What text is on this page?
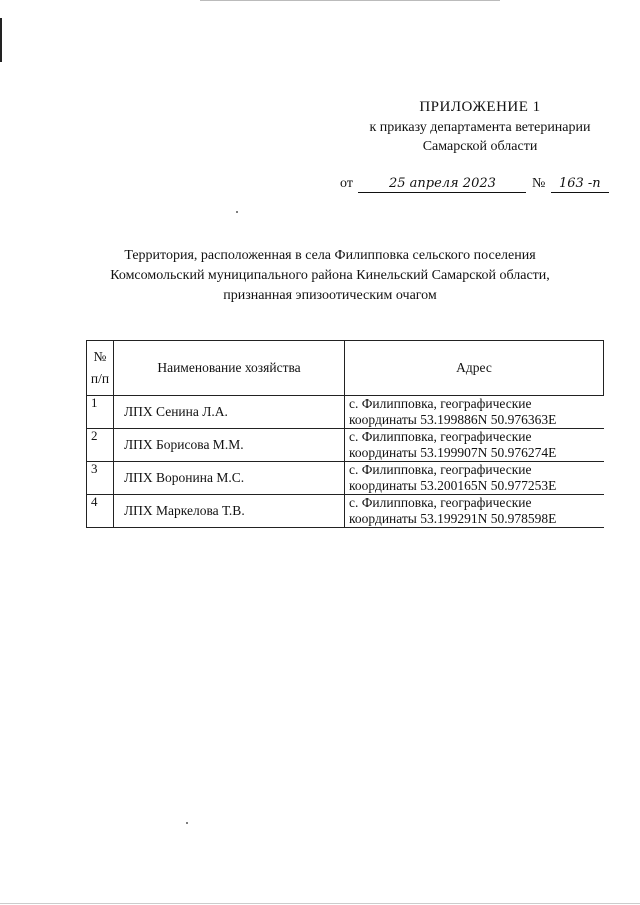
ПРИЛОЖЕНИЕ 1
к приказу департамента ветеринарии
Самарской области
от	25 апреля 2023	№ 163 -п
Территория, расположенная в села Филипповка сельского поселения
Комсомольский муниципального района Кинельский Самарской области,
признанная эпизоотическим очагом
№
п/п	Наименование хозяйства	Адрес
1	ЛПХ Сенина Л.А.	с. Филипповка, географические
координаты 53.199886N 50.976363E

2	ЛПХ Борисова М.М.	с. Филипповка, географические
координаты 53.199907N 50.976274E

3	ЛПХ Воронина М.С.	с. Филипповка, географические
координаты 53.200165N 50.977253E

4	ЛПХ Маркелова Т.В.	с. Филипповка, географические
координаты 53.199291N 50.978598E
